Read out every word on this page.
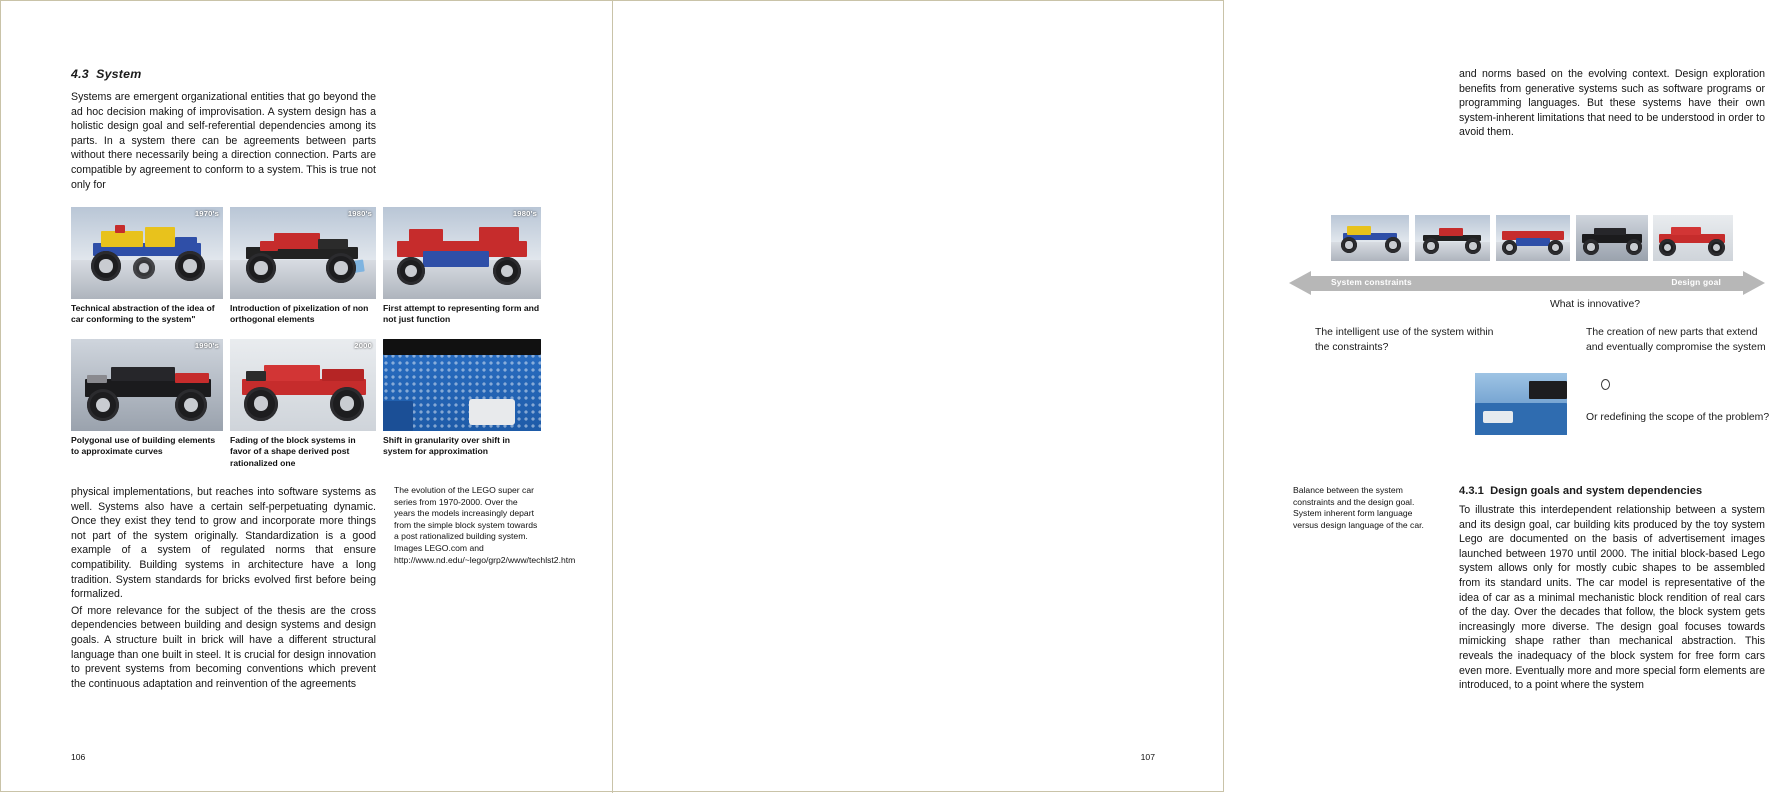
4.3 System
Systems are emergent organizational entities that go beyond the ad hoc decision making of improvisation. A system design has a holistic design goal and self-referential dependencies among its parts. In a system there can be agreements between parts without there necessarily being a direction connection. Parts are compatible by agreement to conform to a system. This is true not only for
1970's
Technical abstraction of the idea of car conforming to the system"
1980's
Introduction of pixelization of non orthogonal elements
1980's
First attempt to representing form and not just function
1990's
Polygonal use of building elements to approximate curves
2000
Fading of the block systems in favor of a shape derived post rationalized one
Shift in granularity over shift in system for approximation
physical implementations, but reaches into software systems as well. Systems also have a certain self-perpetuating dynamic. Once they exist they tend to grow and incorporate more things not part of the system originally. Standardization is a good example of a system of regulated norms that ensure compatibility. Building systems in architecture have a long tradition. System standards for bricks evolved first before being formalized.
Of more relevance for the subject of the thesis are the cross dependencies between building and design systems and design goals. A structure built in brick will have a different structural language than one built in steel. It is crucial for design innovation to prevent systems from becoming conventions which prevent the continuous adaptation and reinvention of the agreements
The evolution of the LEGO super car series from 1970-2000. Over the years the models increasingly depart from the simple block system towards a post rationalized building system. Images LEGO.com and http://www.nd.edu/~lego/grp2/www/techlst2.htm
106
and norms based on the evolving context. Design exploration benefits from generative systems such as software programs or programming languages. But these systems have their own system-inherent limitations that need to be understood in order to avoid them.
System constraints	Design goal
What is innovative?
The intelligent use of the system within the constraints?
The creation of new parts that extend and eventually compromise the system
Or redefining the scope of the problem?
Balance between the system constraints and the design goal. System inherent form language versus design language of the car.
4.3.1 Design goals and system dependencies
To illustrate this interdependent relationship between a system and its design goal, car building kits produced by the toy system Lego are documented on the basis of advertisement images launched between 1970 until 2000. The initial block-based Lego system allows only for mostly cubic shapes to be assembled from its standard units. The car model is representative of the idea of car as a minimal mechanistic block rendition of real cars of the day. Over the decades that follow, the block system gets increasingly more diverse. The design goal focuses towards mimicking shape rather than mechanical abstraction. This reveals the inadequacy of the block system for free form cars even more. Eventually more and more special form elements are introduced, to a point where the system
107
